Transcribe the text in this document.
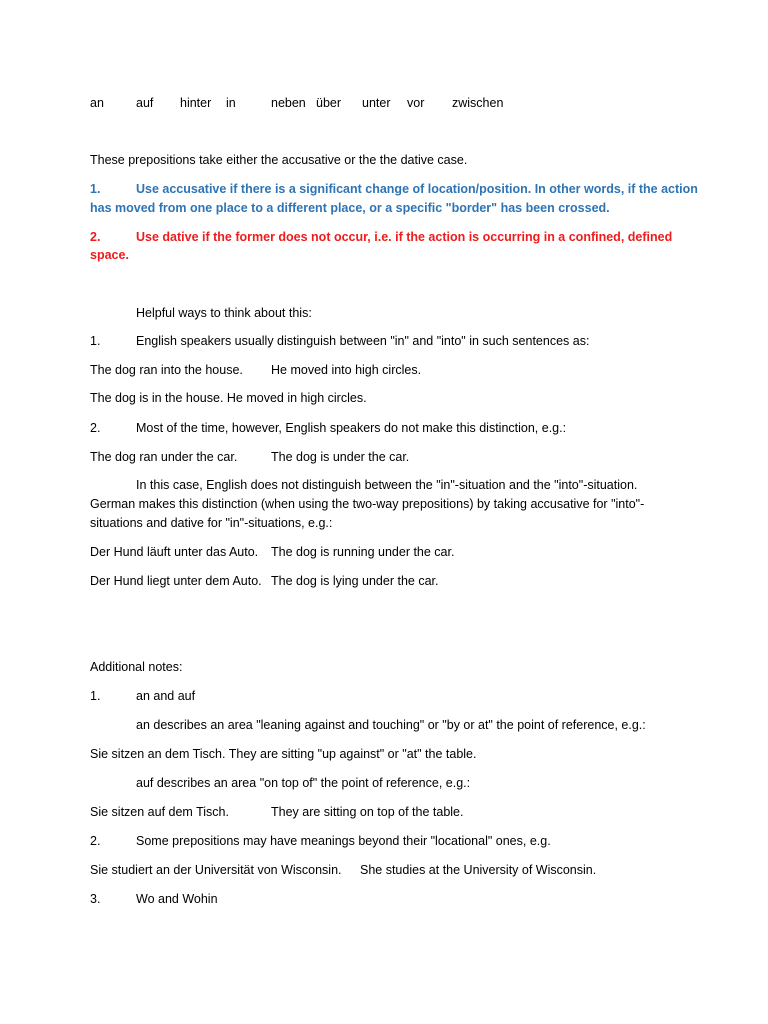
an	auf hinter in	neben über unter vor zwischen
These prepositions take either the accusative or the the dative case.
1.	Use accusative if there is a significant change of location/position. In other words, if the action
has moved from one place to a different place, or a specific "border" has been crossed.
2.	Use dative if the former does not occur, i.e. if the action is occurring in a confined, defined
space.
Helpful ways to think about this:
1.	English speakers usually distinguish between "in" and "into" in such sentences as:
The dog ran into the house. He moved into high circles.
The dog is in the house. He moved in high circles.
2.	Most of the time, however, English speakers do not make this distinction, e.g.:
The dog ran under the car.	The dog is under the car.
In this case, English does not distinguish between the "in"-situation and the "into"-situation.
German makes this distinction (when using the two-way prepositions) by taking accusative for "into"-
situations and dative for "in"-situations, e.g.:
Der Hund läuft unter das Auto. The dog is running under the car.
Der Hund liegt unter dem Auto. The dog is lying under the car.
Additional notes:
1.	an and auf
an describes an area "leaning against and touching" or "by or at" the point of reference, e.g.:
Sie sitzen an dem Tisch. They are sitting "up against" or "at" the table.
auf describes an area "on top of" the point of reference, e.g.:
Sie sitzen auf dem Tisch.	They are sitting on top of the table.
2.	Some prepositions may have meanings beyond their "locational" ones, e.g.
Sie studiert an der Universität von Wisconsin. She studies at the University of Wisconsin.
3.	Wo and Wohin
